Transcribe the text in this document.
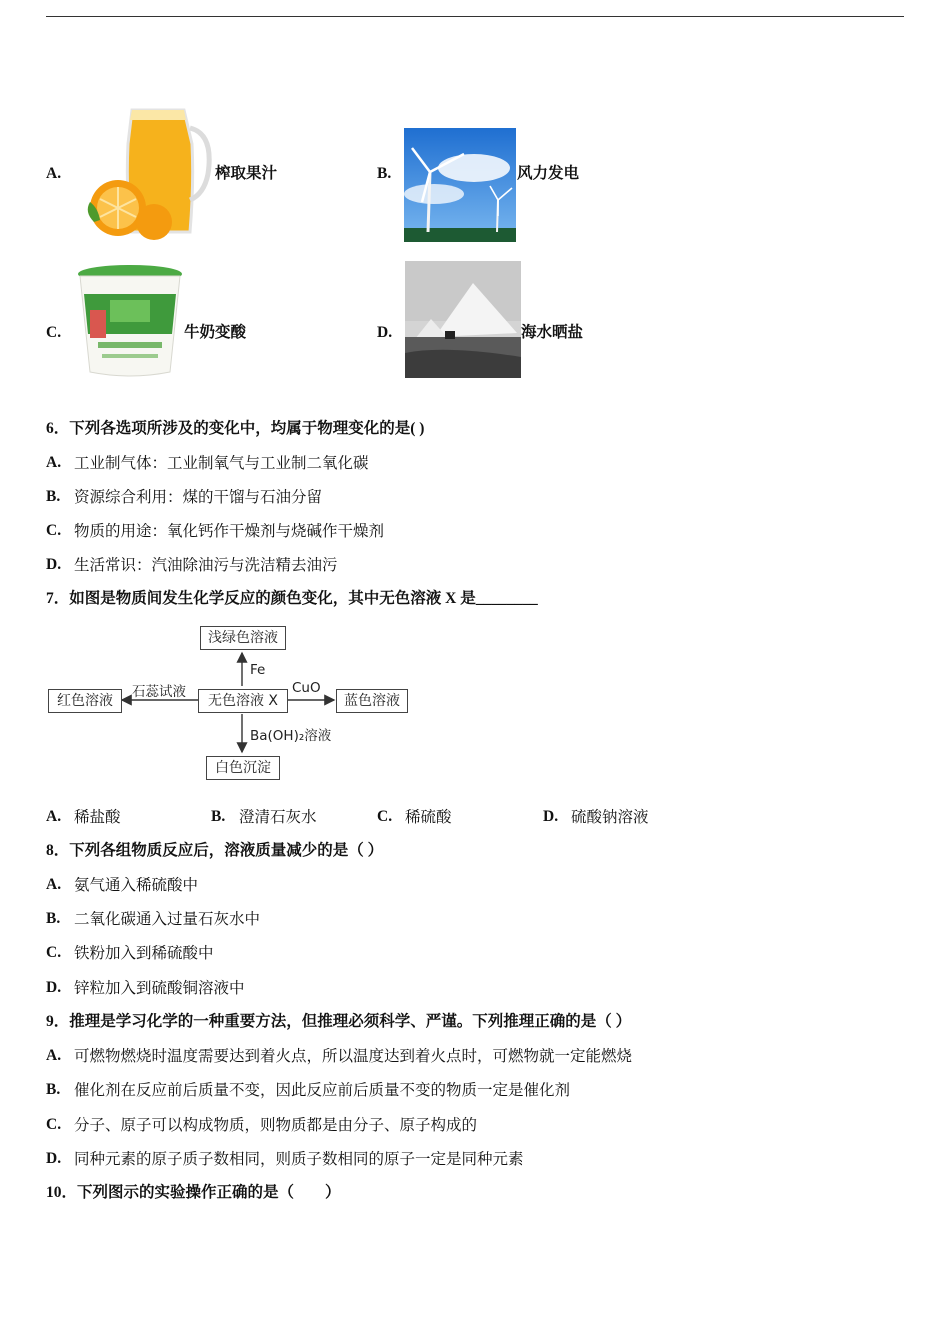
A.	榨取果汁	B.	风力发电
C.	牛奶变酸	D.	海水晒盐
6．下列各选项所涉及的变化中，均属于物理变化的是( )
A. 工业制气体：工业制氧气与工业制二氧化碳
B. 资源综合利用：煤的干馏与石油分留
C. 物质的用途：氧化钙作干燥剂与烧碱作干燥剂
D. 生活常识：汽油除油污与洗洁精去油污
7．如图是物质间发生化学反应的颜色变化，其中无色溶液 X 是________
浅绿色溶液
红色溶液	无色溶液 X	蓝色溶液
白色沉淀
Fe
石蕊试液	CuO
Ba(OH)₂溶液
A. 稀盐酸	B. 澄清石灰水	C. 稀硫酸	D. 硫酸钠溶液
8．下列各组物质反应后，溶液质量减少的是（ ）
A. 氨气通入稀硫酸中
B. 二氧化碳通入过量石灰水中
C. 铁粉加入到稀硫酸中
D. 锌粒加入到硫酸铜溶液中
9．推理是学习化学的一种重要方法，但推理必须科学、严谨。下列推理正确的是（ ）
A. 可燃物燃烧时温度需要达到着火点，所以温度达到着火点时，可燃物就一定能燃烧
B. 催化剂在反应前后质量不变，因此反应前后质量不变的物质一定是催化剂
C. 分子、原子可以构成物质，则物质都是由分子、原子构成的
D. 同种元素的原子质子数相同，则质子数相同的原子一定是同种元素
10．下列图示的实验操作正确的是（　　）
